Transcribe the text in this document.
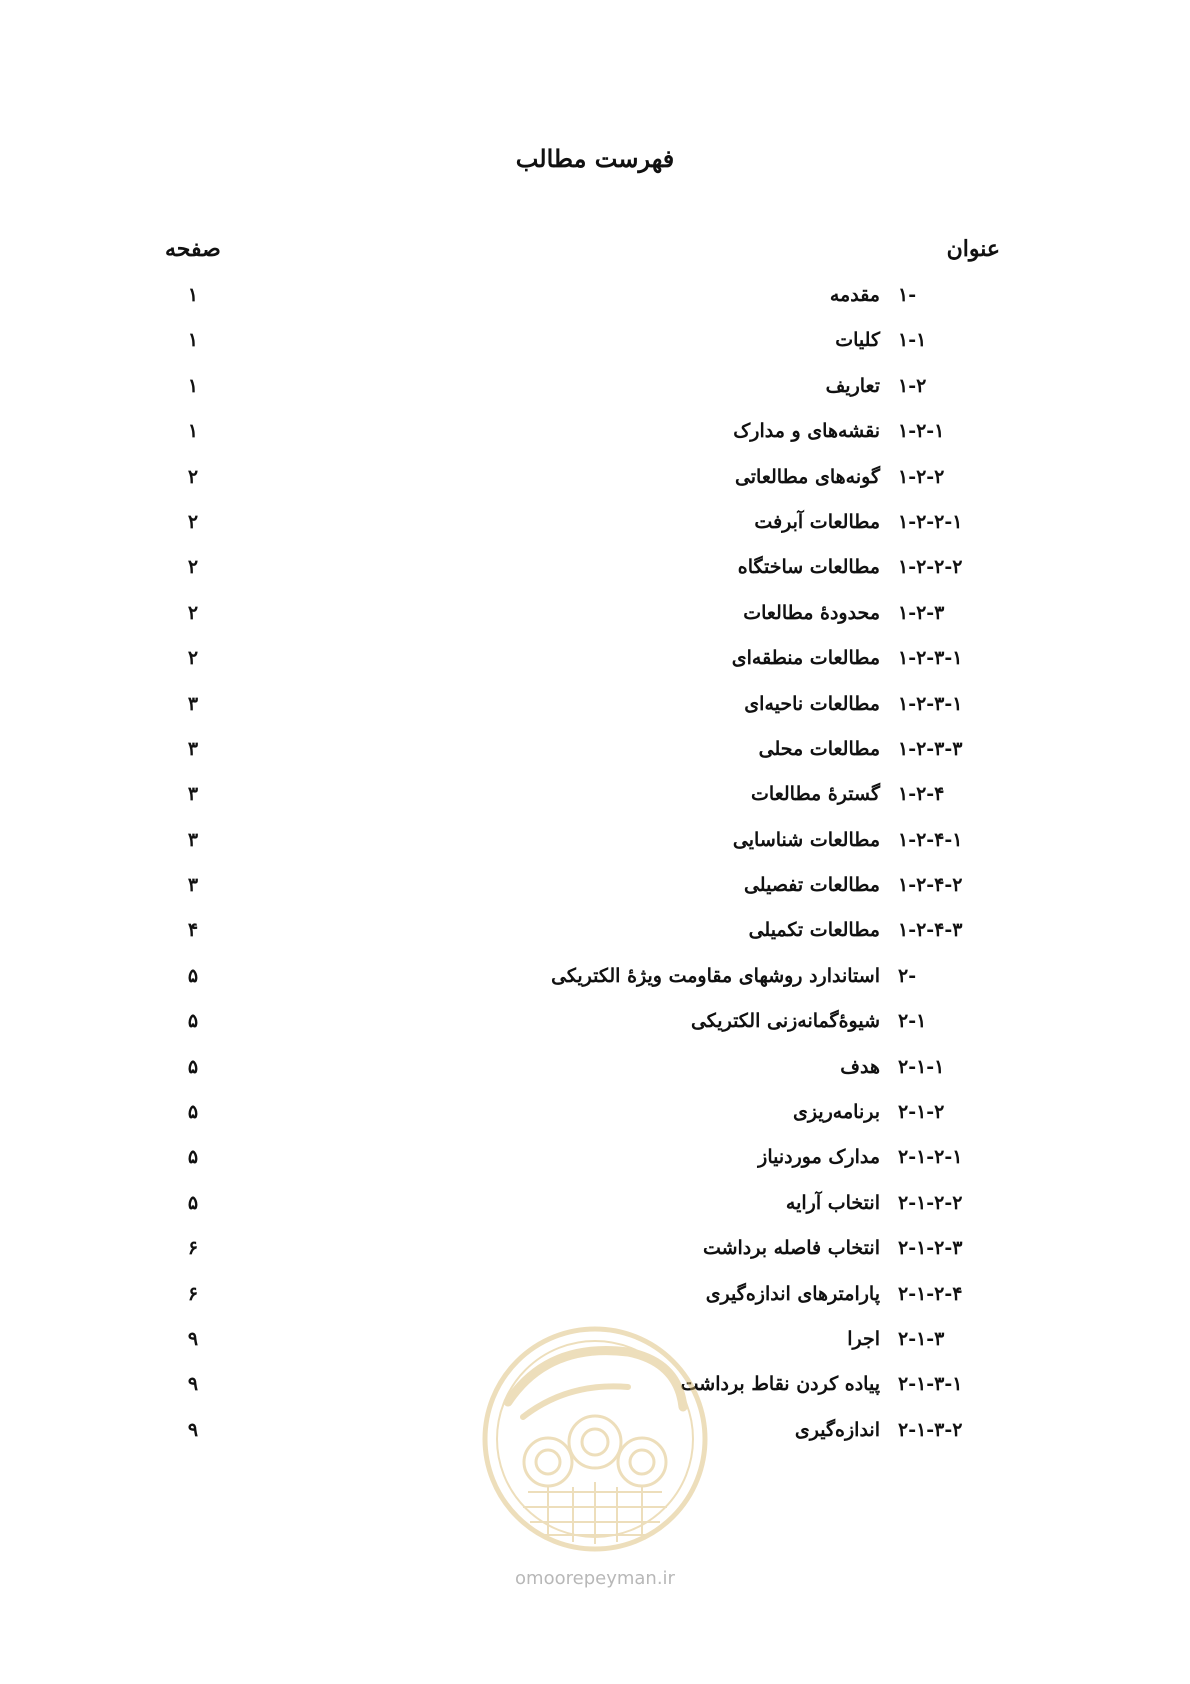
فهرست مطالب
عنوان
صفحه
-۱
مقدمه
۱
۱-۱
کلیات
۱
۱-۲
تعاریف
۱
۱-۲-۱
نقشه‌های و مدارک
۱
۱-۲-۲
گونه‌های مطالعاتی
۲
۱-۲-۲-۱
مطالعات آبرفت
۲
۱-۲-۲-۲
مطالعات ساختگاه
۲
۱-۲-۳
محدودهٔ مطالعات
۲
۱-۲-۳-۱
مطالعات منطقه‌ای
۲
۱-۲-۳-۱
مطالعات ناحیه‌ای
۳
۱-۲-۳-۳
مطالعات محلی
۳
۱-۲-۴
گسترهٔ مطالعات
۳
۱-۲-۴-۱
مطالعات شناسایی
۳
۱-۲-۴-۲
مطالعات تفصیلی
۳
۱-۲-۴-۳
مطالعات تکمیلی
۴
-۲
استاندارد روشهای مقاومت ویژهٔ الکتریکی
۵
۲-۱
شیوهٔ‌گمانه‌زنی الکتریکی
۵
۲-۱-۱
هدف
۵
۲-۱-۲
برنامه‌ریزی
۵
۲-۱-۲-۱
مدارک موردنیاز
۵
۲-۱-۲-۲
انتخاب آرایه
۵
۲-۱-۲-۳
انتخاب فاصله برداشت
۶
۲-۱-۲-۴
پارامترهای اندازه‌گیری
۶
۲-۱-۳
اجرا
۹
۲-۱-۳-۱
پیاده کردن نقاط برداشت
۹
۲-۱-۳-۲
اندازه‌گیری
۹
omoorepeyman.ir
